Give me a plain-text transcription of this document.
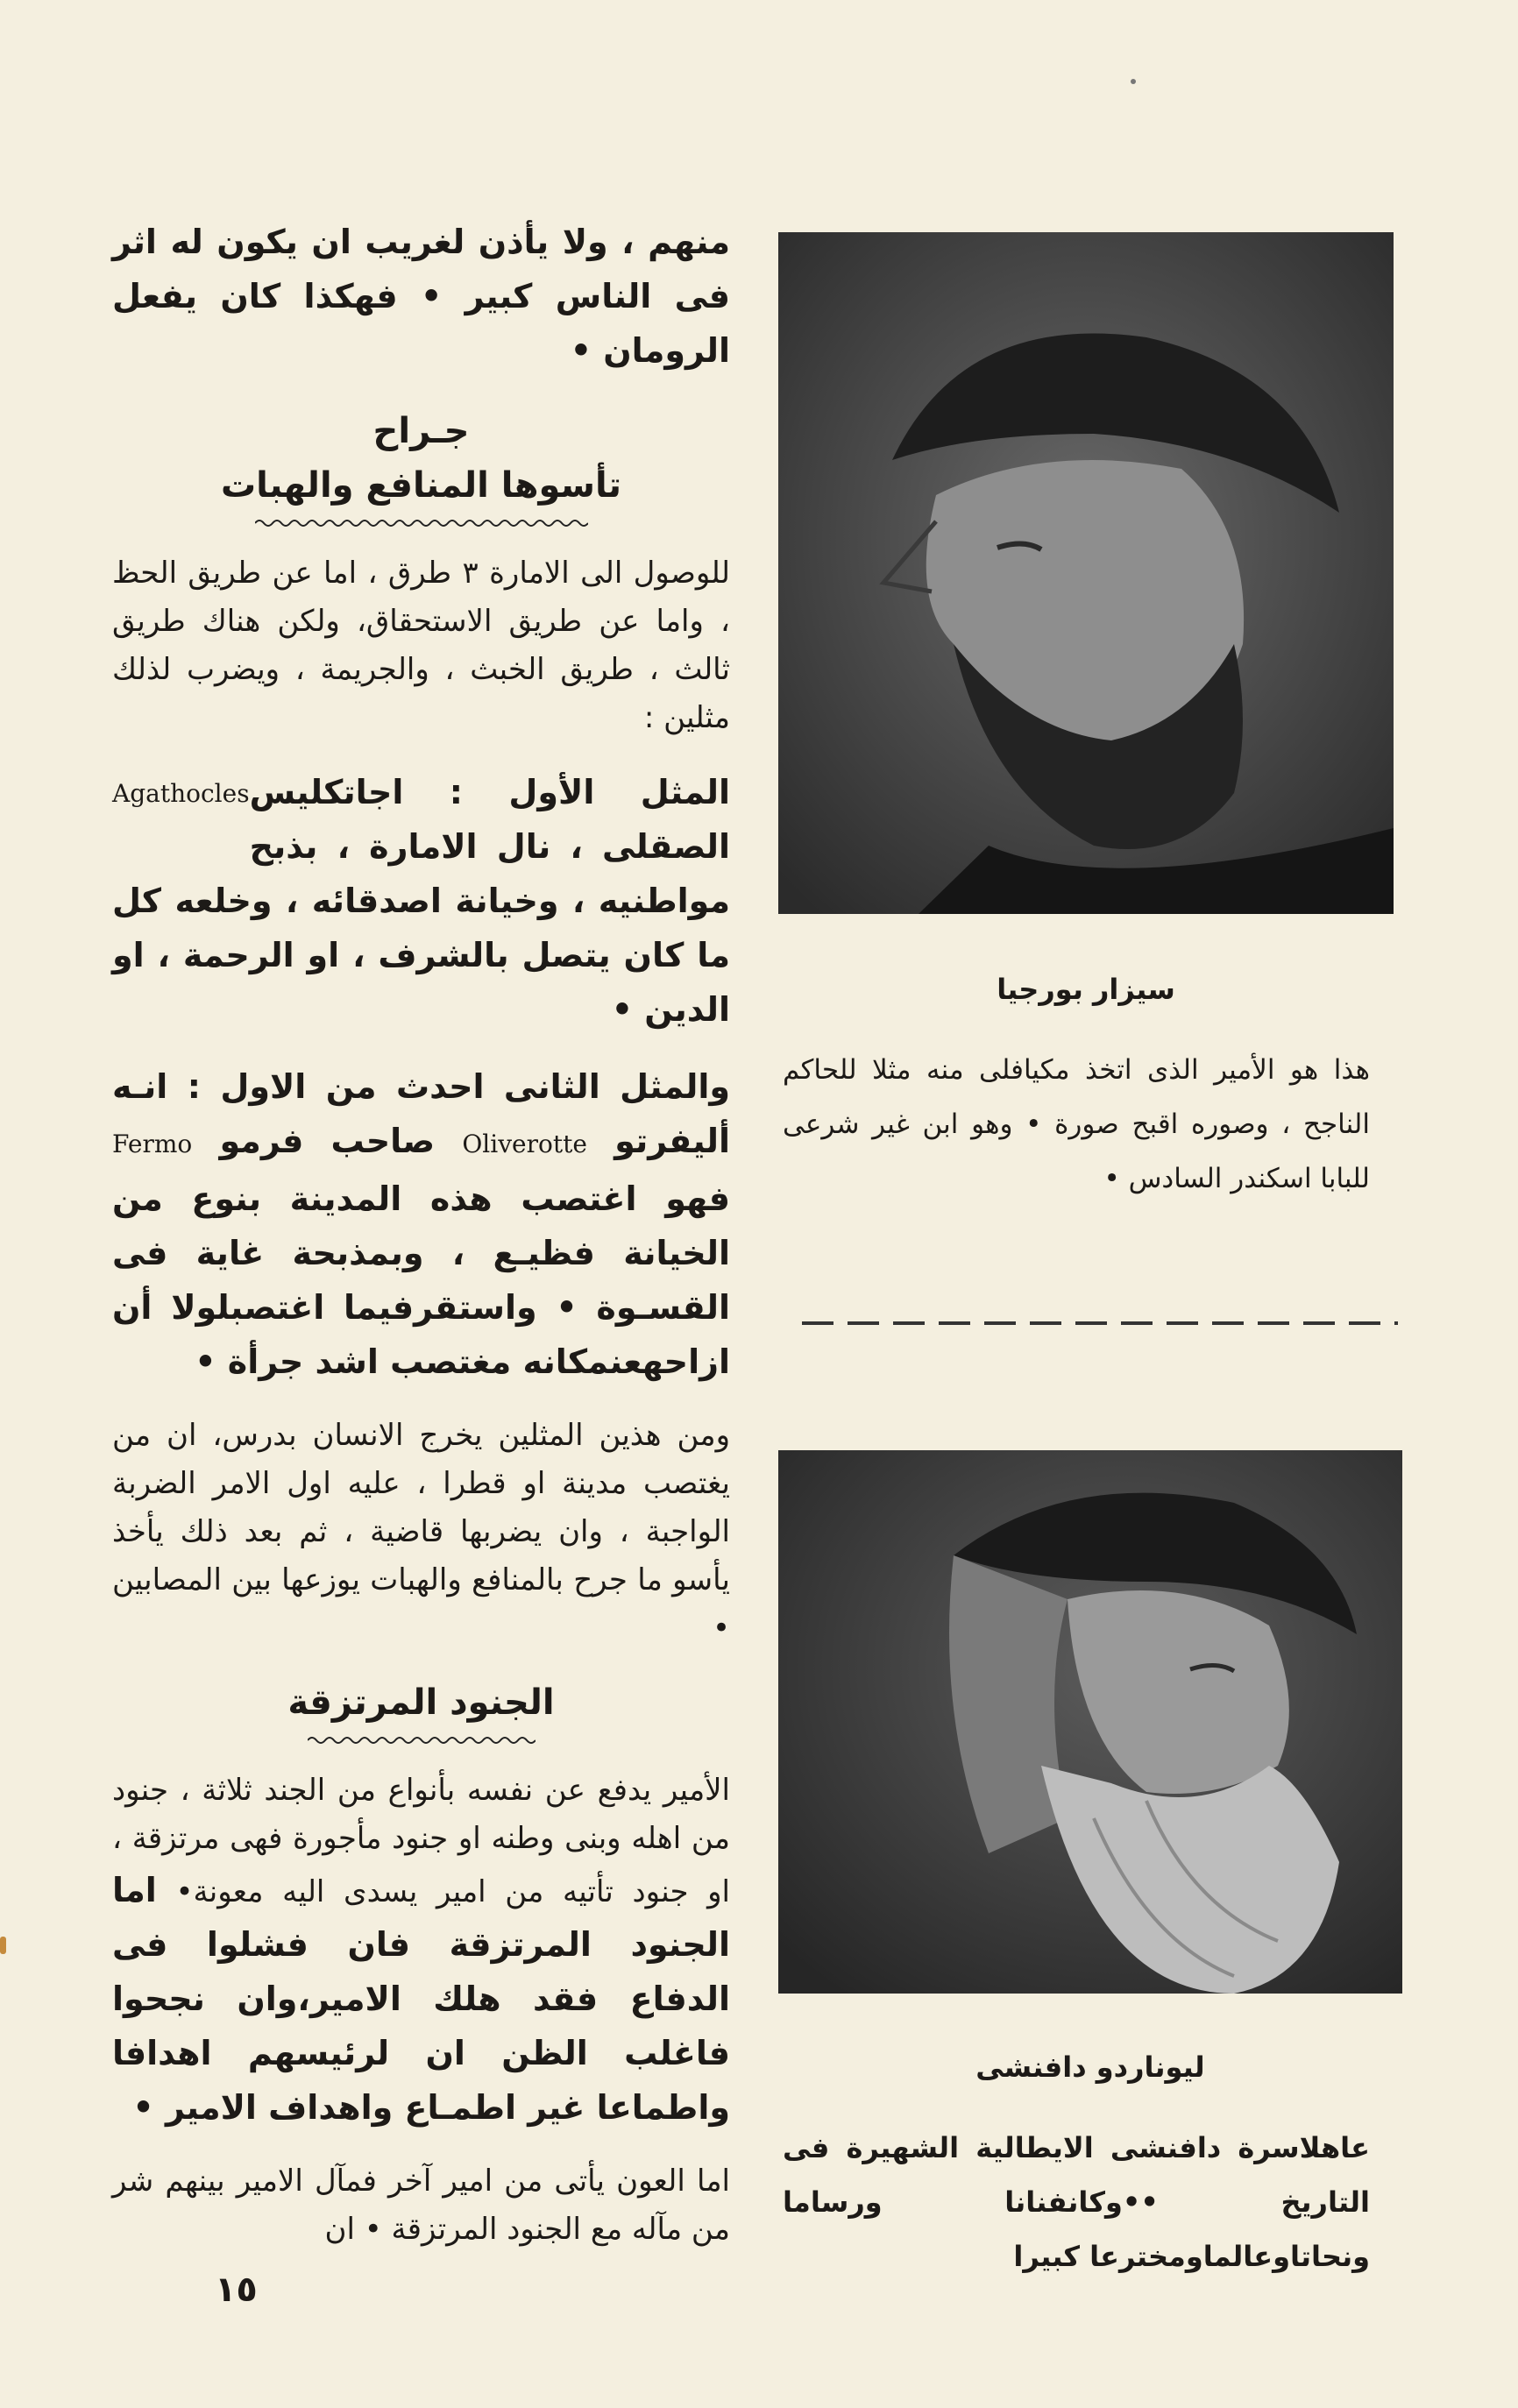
منهم ، ولا يأذن لغريب ان يكون له اثر فى الناس كبير • فهكذا كان يفعل الرومان •

جـراح

تأسوها المنافع والهبات

للوصول الى الامارة ٣ طرق ، اما عن طريق الحظ ، واما عن طريق الاستحقاق، ولكن هناك طريق ثالث ، طريق الخبث ، والجريمة ، ويضرب لذلك مثلين :

Agathocles المثل الأول : اجاتكليس الصقلى ، نال الامارة ، بذبح مواطنيه ، وخيانة اصدقائه ، وخلعه كل ما كان يتصل بالشرف ، او الرحمة ، او الدين •

والمثل الثانى احدث من الاول : انـه أليفرتو Oliverotte صاحب فرمو Fermo فهو اغتصب هذه المدينة بنوع من الخيانة فظيـع ، وبمذبحة غاية فى القسـوة • واستقرفيما اغتصبلولا أن ازاحهعنمكانه مغتصب اشد جرأة •

ومن هذين المثلين يخرج الانسان بدرس، ان من يغتصب مدينة او قطرا ، عليه اول الامر الضربة الواجبة ، وان يضربها قاضية ، ثم بعد ذلك يأخذ يأسو ما جرح بالمنافع والهبات يوزعها بين المصابين •

الجنود المرتزقة

الأمير يدفع عن نفسه بأنواع من الجند ثلاثة ، جنود من اهله وبنى وطنه او جنود مأجورة فهى مرتزقة ، او جنود تأتيه من امير يسدى اليه معونة• اما الجنود المرتزقة فان فشلوا فى الدفاع فقد هلك الامير،وان نجحوا فاغلب الظن ان لرئيسهم اهدافا واطماعا غير اطمـاع واهداف الامير •

اما العون يأتى من امير آخر فمآل الامير بينهم شر من مآله مع الجنود المرتزقة • ان

سيزار بورجيا
هذا هو الأمير الذى اتخذ مكيافلى منه مثلا للحاكم الناجح ، وصوره اقبح صورة • وهو ابن غير شرعى للبابا اسكندر السادس •
ليوناردو دافنشى
عاهلاسرة دافنشى الايطالية الشهيرة فى التاريخ ••وكانفنانا ورساما ونحاتاوعالماومخترعا كبيرا
١٥
